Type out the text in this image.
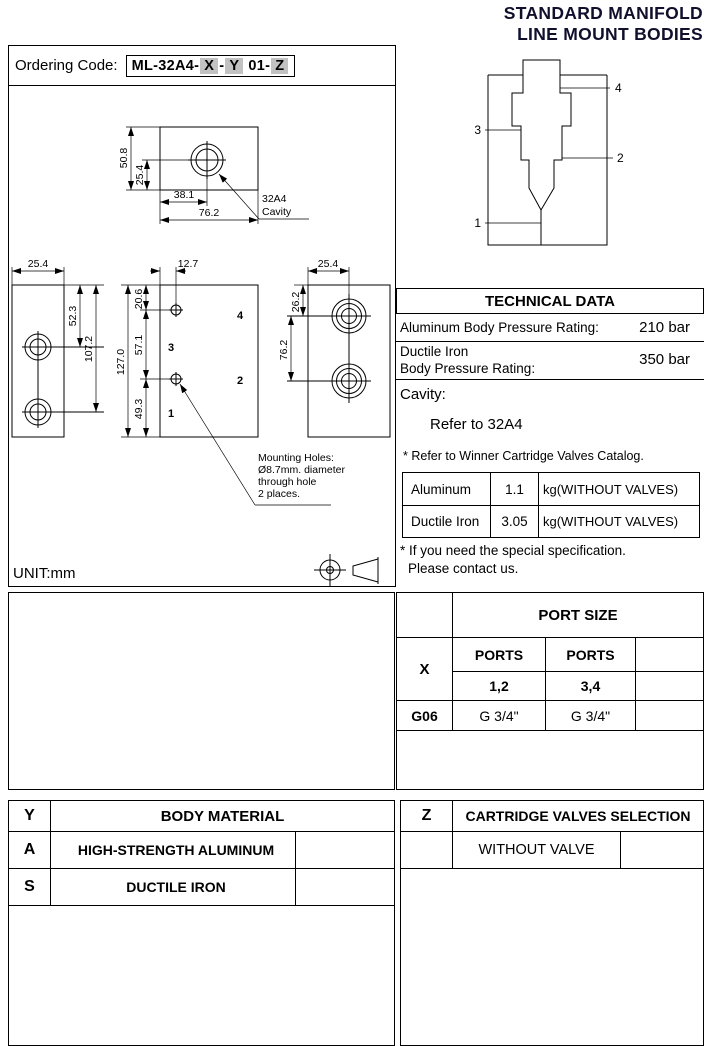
STANDARD MANIFOLD
LINE MOUNT BODIES
Ordering Code: ML-32A4- X - Y 01- Z
50.8
25.4
38.1
76.2
32A4
Cavity
25.4
52.3
107.2
4
3
2
1
12.7
20.6
57.1
49.3
127.0
Mounting Holes:
Ø8.7mm. diameter
through hole
2 places.
25.4
26.2
76.2
UNIT:mm
4
3
2
1
TECHNICAL DATA
Aluminum Body Pressure Rating:	210 bar
Ductile Iron
Body Pressure Rating:	350 bar
Cavity:
Refer to 32A4
* Refer to Winner Cartridge Valves Catalog.
Aluminum	1.1	kg(WITHOUT VALVES)
Ductile Iron	3.05	kg(WITHOUT VALVES)
* If you need the special specification.
Please contact us.
PORT SIZE
X
PORTS	PORTS
1,2	3,4
G06	G 3/4"	G 3/4"
Y	BODY MATERIAL
A	HIGH-STRENGTH ALUMINUM
S	DUCTILE IRON
Z	CARTRIDGE VALVES SELECTION
WITHOUT VALVE
